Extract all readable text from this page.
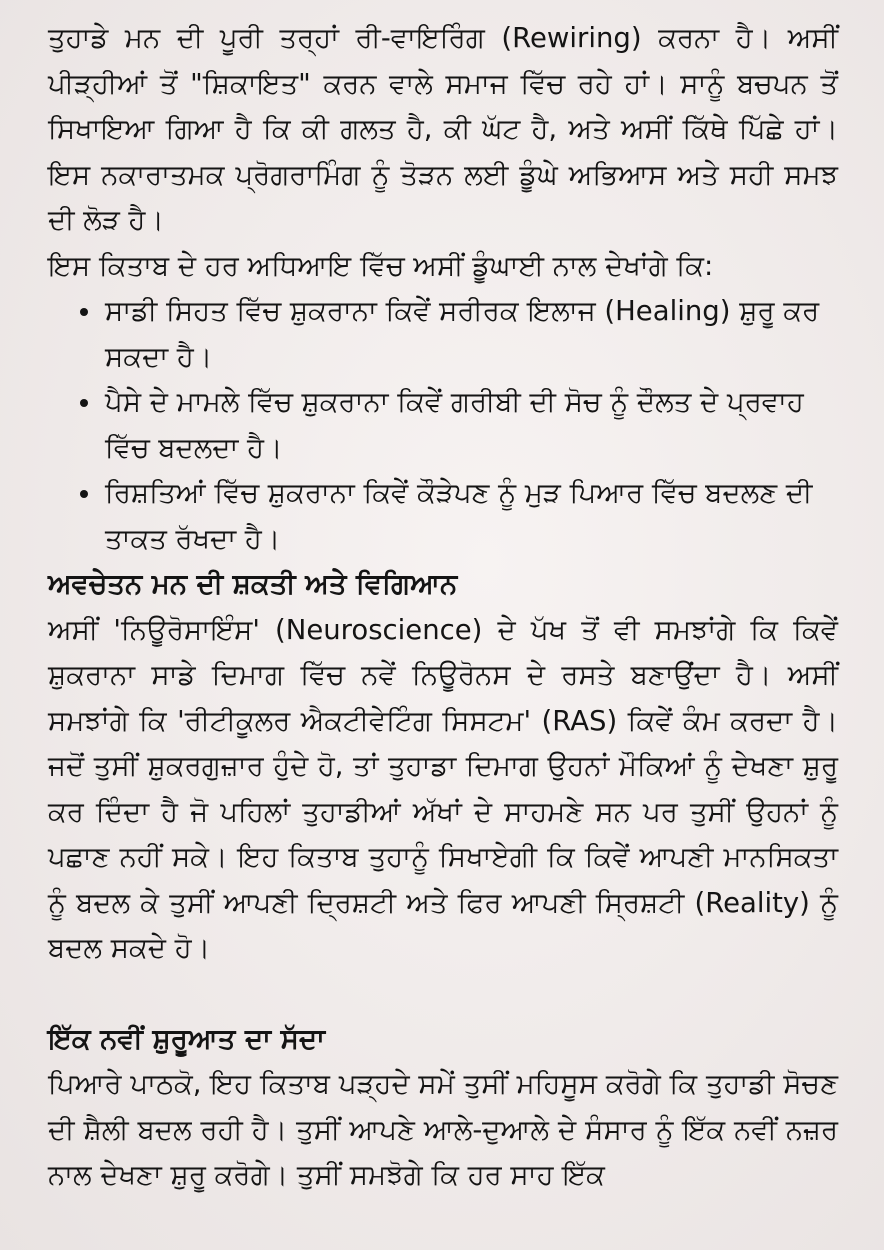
ਤੁਹਾਡੇ ਮਨ ਦੀ ਪੂਰੀ ਤਰ੍ਹਾਂ ਰੀ-ਵਾਇਰਿੰਗ (Rewiring) ਕਰਨਾ ਹੈ। ਅਸੀਂ ਪੀੜ੍ਹੀਆਂ ਤੋਂ "ਸ਼ਿਕਾਇਤ" ਕਰਨ ਵਾਲੇ ਸਮਾਜ ਵਿੱਚ ਰਹੇ ਹਾਂ। ਸਾਨੂੰ ਬਚਪਨ ਤੋਂ ਸਿਖਾਇਆ ਗਿਆ ਹੈ ਕਿ ਕੀ ਗਲਤ ਹੈ, ਕੀ ਘੱਟ ਹੈ, ਅਤੇ ਅਸੀਂ ਕਿੱਥੇ ਪਿੱਛੇ ਹਾਂ। ਇਸ ਨਕਾਰਾਤਮਕ ਪ੍ਰੋਗਰਾਮਿੰਗ ਨੂੰ ਤੋੜਨ ਲਈ ਡੂੰਘੇ ਅਭਿਆਸ ਅਤੇ ਸਹੀ ਸਮਝ ਦੀ ਲੋੜ ਹੈ।

ਇਸ ਕਿਤਾਬ ਦੇ ਹਰ ਅਧਿਆਇ ਵਿੱਚ ਅਸੀਂ ਡੂੰਘਾਈ ਨਾਲ ਦੇਖਾਂਗੇ ਕਿ:

• ਸਾਡੀ ਸਿਹਤ ਵਿੱਚ ਸ਼ੁਕਰਾਨਾ ਕਿਵੇਂ ਸਰੀਰਕ ਇਲਾਜ (Healing) ਸ਼ੁਰੂ ਕਰ ਸਕਦਾ ਹੈ।
• ਪੈਸੇ ਦੇ ਮਾਮਲੇ ਵਿੱਚ ਸ਼ੁਕਰਾਨਾ ਕਿਵੇਂ ਗਰੀਬੀ ਦੀ ਸੋਚ ਨੂੰ ਦੌਲਤ ਦੇ ਪ੍ਰਵਾਹ ਵਿੱਚ ਬਦਲਦਾ ਹੈ।
• ਰਿਸ਼ਤਿਆਂ ਵਿੱਚ ਸ਼ੁਕਰਾਨਾ ਕਿਵੇਂ ਕੌੜੇਪਣ ਨੂੰ ਮੁੜ ਪਿਆਰ ਵਿੱਚ ਬਦਲਣ ਦੀ ਤਾਕਤ ਰੱਖਦਾ ਹੈ।
ਅਵਚੇਤਨ ਮਨ ਦੀ ਸ਼ਕਤੀ ਅਤੇ ਵਿਗਿਆਨ

ਅਸੀਂ 'ਨਿਊਰੋਸਾਇੰਸ' (Neuroscience) ਦੇ ਪੱਖ ਤੋਂ ਵੀ ਸਮਝਾਂਗੇ ਕਿ ਕਿਵੇਂ ਸ਼ੁਕਰਾਨਾ ਸਾਡੇ ਦਿਮਾਗ ਵਿੱਚ ਨਵੇਂ ਨਿਊਰੋਨਸ ਦੇ ਰਸਤੇ ਬਣਾਉਂਦਾ ਹੈ। ਅਸੀਂ ਸਮਝਾਂਗੇ ਕਿ 'ਰੀਟੀਕੂਲਰ ਐਕਟੀਵੇਟਿੰਗ ਸਿਸਟਮ' (RAS) ਕਿਵੇਂ ਕੰਮ ਕਰਦਾ ਹੈ। ਜਦੋਂ ਤੁਸੀਂ ਸ਼ੁਕਰਗੁਜ਼ਾਰ ਹੁੰਦੇ ਹੋ, ਤਾਂ ਤੁਹਾਡਾ ਦਿਮਾਗ ਉਹਨਾਂ ਮੌਕਿਆਂ ਨੂੰ ਦੇਖਣਾ ਸ਼ੁਰੂ ਕਰ ਦਿੰਦਾ ਹੈ ਜੋ ਪਹਿਲਾਂ ਤੁਹਾਡੀਆਂ ਅੱਖਾਂ ਦੇ ਸਾਹਮਣੇ ਸਨ ਪਰ ਤੁਸੀਂ ਉਹਨਾਂ ਨੂੰ ਪਛਾਣ ਨਹੀਂ ਸਕੇ। ਇਹ ਕਿਤਾਬ ਤੁਹਾਨੂੰ ਸਿਖਾਏਗੀ ਕਿ ਕਿਵੇਂ ਆਪਣੀ ਮਾਨਸਿਕਤਾ ਨੂੰ ਬਦਲ ਕੇ ਤੁਸੀਂ ਆਪਣੀ ਦ੍ਰਿਸ਼ਟੀ ਅਤੇ ਫਿਰ ਆਪਣੀ ਸ੍ਰਿਸ਼ਟੀ (Reality) ਨੂੰ ਬਦਲ ਸਕਦੇ ਹੋ।

ਇੱਕ ਨਵੀਂ ਸ਼ੁਰੂਆਤ ਦਾ ਸੱਦਾ

ਪਿਆਰੇ ਪਾਠਕੋ, ਇਹ ਕਿਤਾਬ ਪੜ੍ਹਦੇ ਸਮੇਂ ਤੁਸੀਂ ਮਹਿਸੂਸ ਕਰੋਗੇ ਕਿ ਤੁਹਾਡੀ ਸੋਚਣ ਦੀ ਸ਼ੈਲੀ ਬਦਲ ਰਹੀ ਹੈ। ਤੁਸੀਂ ਆਪਣੇ ਆਲੇ-ਦੁਆਲੇ ਦੇ ਸੰਸਾਰ ਨੂੰ ਇੱਕ ਨਵੀਂ ਨਜ਼ਰ ਨਾਲ ਦੇਖਣਾ ਸ਼ੁਰੂ ਕਰੋਗੇ। ਤੁਸੀਂ ਸਮਝੋਗੇ ਕਿ ਹਰ ਸਾਹ ਇੱਕ
